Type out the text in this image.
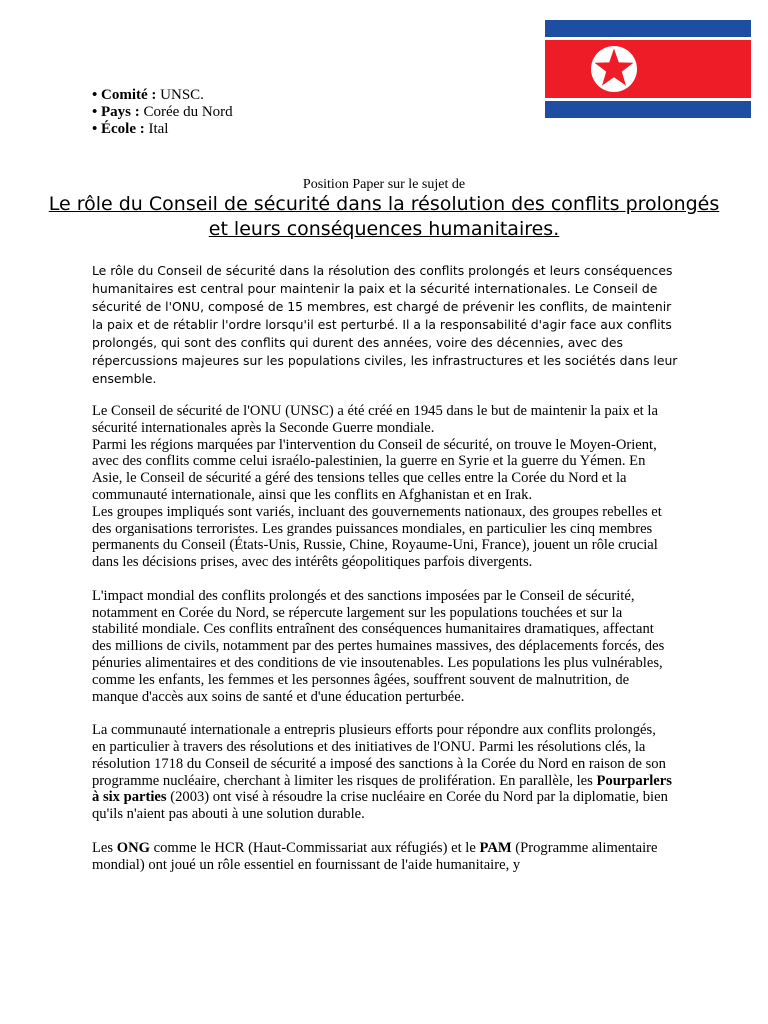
• Comité : UNSC.
• Pays : Corée du Nord
• École : Ital
Position Paper sur le sujet de
Le rôle du Conseil de sécurité dans la résolution des conflits prolongés et leurs conséquences humanitaires.
Le rôle du Conseil de sécurité dans la résolution des conflits prolongés et leurs conséquences humanitaires est central pour maintenir la paix et la sécurité internationales. Le Conseil de sécurité de l'ONU, composé de 15 membres, est chargé de prévenir les conflits, de maintenir la paix et de rétablir l'ordre lorsqu'il est perturbé. Il a la responsabilité d'agir face aux conflits prolongés, qui sont des conflits qui durent des années, voire des décennies, avec des répercussions majeures sur les populations civiles, les infrastructures et les sociétés dans leur ensemble.

Le Conseil de sécurité de l'ONU (UNSC) a été créé en 1945 dans le but de maintenir la paix et la sécurité internationales après la Seconde Guerre mondiale.
Parmi les régions marquées par l'intervention du Conseil de sécurité, on trouve le Moyen-Orient, avec des conflits comme celui israélo-palestinien, la guerre en Syrie et la guerre du Yémen. En Asie, le Conseil de sécurité a géré des tensions telles que celles entre la Corée du Nord et la communauté internationale, ainsi que les conflits en Afghanistan et en Irak.
Les groupes impliqués sont variés, incluant des gouvernements nationaux, des groupes rebelles et des organisations terroristes. Les grandes puissances mondiales, en particulier les cinq membres permanents du Conseil (États-Unis, Russie, Chine, Royaume-Uni, France), jouent un rôle crucial dans les décisions prises, avec des intérêts géopolitiques parfois divergents.

L'impact mondial des conflits prolongés et des sanctions imposées par le Conseil de sécurité, notamment en Corée du Nord, se répercute largement sur les populations touchées et sur la stabilité mondiale. Ces conflits entraînent des conséquences humanitaires dramatiques, affectant des millions de civils, notamment par des pertes humaines massives, des déplacements forcés, des pénuries alimentaires et des conditions de vie insoutenables. Les populations les plus vulnérables, comme les enfants, les femmes et les personnes âgées, souffrent souvent de malnutrition, de manque d'accès aux soins de santé et d'une éducation perturbée.

La communauté internationale a entrepris plusieurs efforts pour répondre aux conflits prolongés, en particulier à travers des résolutions et des initiatives de l'ONU. Parmi les résolutions clés, la résolution 1718 du Conseil de sécurité a imposé des sanctions à la Corée du Nord en raison de son programme nucléaire, cherchant à limiter les risques de prolifération. En parallèle, les Pourparlers à six parties (2003) ont visé à résoudre la crise nucléaire en Corée du Nord par la diplomatie, bien qu'ils n'aient pas abouti à une solution durable.

Les ONG comme le HCR (Haut-Commissariat aux réfugiés) et le PAM (Programme alimentaire mondial) ont joué un rôle essentiel en fournissant de l'aide humanitaire, y
